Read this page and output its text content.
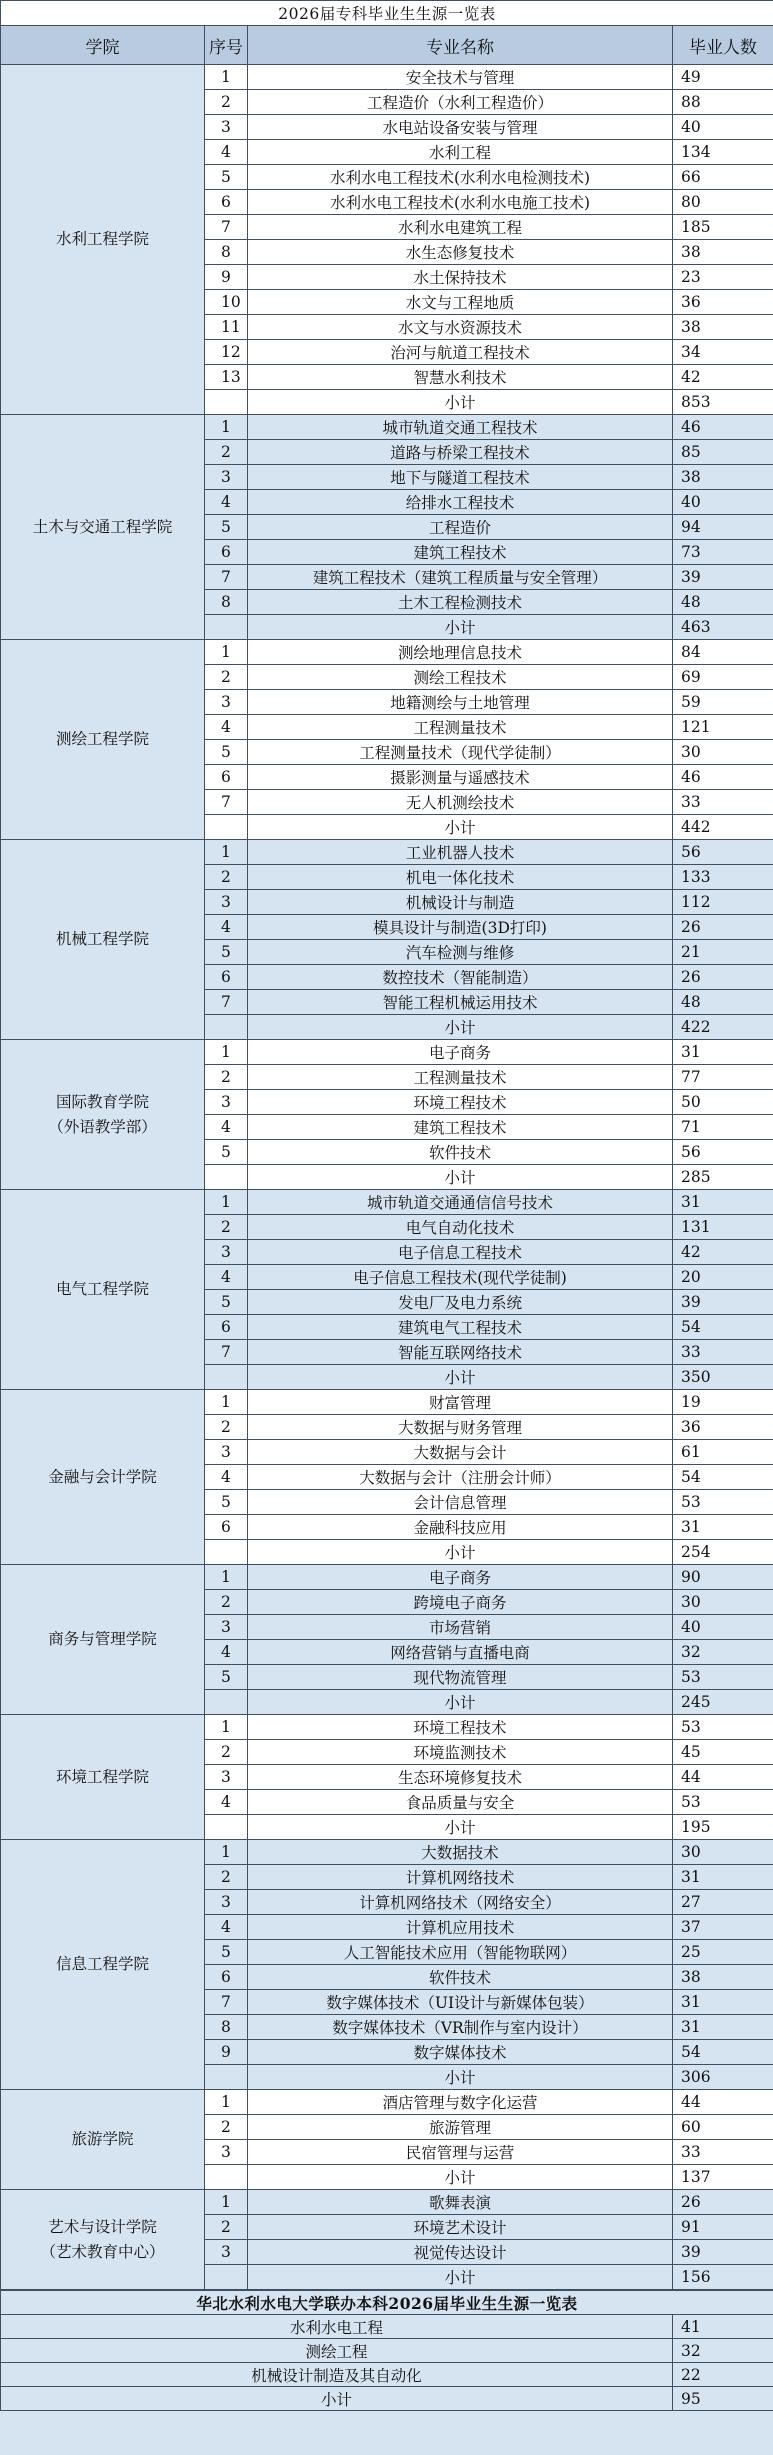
2026届专科毕业生生源一览表			
学院	序号	专业名称	毕业人数
水利工程学院	1	安全技术与管理	49
	2	工程造价（水利工程造价）	88
	3	水电站设备安装与管理	40
	4	水利工程	134
	5	水利水电工程技术(水利水电检测技术)	66
	6	水利水电工程技术(水利水电施工技术)	80
	7	水利水电建筑工程	185
	8	水生态修复技术	38
	9	水土保持技术	23
	10	水文与工程地质	36
	11	水文与水资源技术	38
	12	治河与航道工程技术	34
	13	智慧水利技术	42
		小计	853
土木与交通工程学院	1	城市轨道交通工程技术	46
	2	道路与桥梁工程技术	85
	3	地下与隧道工程技术	38
	4	给排水工程技术	40
	5	工程造价	94
	6	建筑工程技术	73
	7	建筑工程技术（建筑工程质量与安全管理）	39
	8	土木工程检测技术	48
		小计	463
测绘工程学院	1	测绘地理信息技术	84
	2	测绘工程技术	69
	3	地籍测绘与土地管理	59
	4	工程测量技术	121
	5	工程测量技术（现代学徒制）	30
	6	摄影测量与遥感技术	46
	7	无人机测绘技术	33
		小计	442
机械工程学院	1	工业机器人技术	56
	2	机电一体化技术	133
	3	机械设计与制造	112
	4	模具设计与制造(3D打印)	26
	5	汽车检测与维修	21
	6	数控技术（智能制造）	26
	7	智能工程机械运用技术	48
		小计	422
国际教育学院
（外语教学部）	1	电子商务	31
	2	工程测量技术	77
	3	环境工程技术	50
	4	建筑工程技术	71
	5	软件技术	56
		小计	285
电气工程学院	1	城市轨道交通通信信号技术	31
	2	电气自动化技术	131
	3	电子信息工程技术	42
	4	电子信息工程技术(现代学徒制)	20
	5	发电厂及电力系统	39
	6	建筑电气工程技术	54
	7	智能互联网络技术	33
		小计	350
金融与会计学院	1	财富管理	19
	2	大数据与财务管理	36
	3	大数据与会计	61
	4	大数据与会计（注册会计师）	54
	5	会计信息管理	53
	6	金融科技应用	31
		小计	254
商务与管理学院	1	电子商务	90
	2	跨境电子商务	30
	3	市场营销	40
	4	网络营销与直播电商	32
	5	现代物流管理	53
		小计	245
环境工程学院	1	环境工程技术	53
	2	环境监测技术	45
	3	生态环境修复技术	44
	4	食品质量与安全	53
		小计	195
信息工程学院	1	大数据技术	30
	2	计算机网络技术	31
	3	计算机网络技术（网络安全）	27
	4	计算机应用技术	37
	5	人工智能技术应用（智能物联网）	25
	6	软件技术	38
	7	数字媒体技术（UI设计与新媒体包装）	31
	8	数字媒体技术（VR制作与室内设计）	31
	9	数字媒体技术	54
		小计	306
旅游学院	1	酒店管理与数字化运营	44
	2	旅游管理	60
	3	民宿管理与运营	33
		小计	137
艺术与设计学院
（艺术教育中心）	1	歌舞表演	26
	2	环境艺术设计	91
	3	视觉传达设计	39
		小计	156
华北水利水电大学联办本科2026届毕业生生源一览表	
水利水电工程	41
测绘工程	32
机械设计制造及其自动化	22
小计	95
